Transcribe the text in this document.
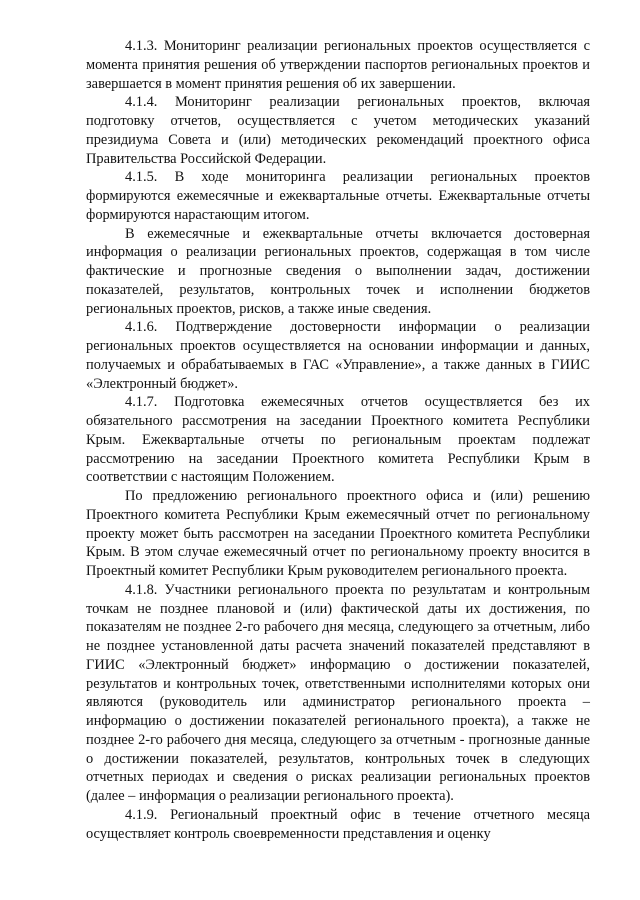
4.1.3. Мониторинг реализации региональных проектов осуществляется с момента принятия решения об утверждении паспортов региональных проектов и завершается в момент принятия решения об их завершении.

4.1.4. Мониторинг реализации региональных проектов, включая подготовку отчетов, осуществляется с учетом методических указаний президиума Совета и (или) методических рекомендаций проектного офиса Правительства Российской Федерации.

4.1.5. В ходе мониторинга реализации региональных проектов формируются ежемесячные и ежеквартальные отчеты. Ежеквартальные отчеты формируются нарастающим итогом.

В ежемесячные и ежеквартальные отчеты включается достоверная информация о реализации региональных проектов, содержащая в том числе фактические и прогнозные сведения о выполнении задач, достижении показателей, результатов, контрольных точек и исполнении бюджетов региональных проектов, рисков, а также иные сведения.

4.1.6. Подтверждение достоверности информации о реализации региональных проектов осуществляется на основании информации и данных, получаемых и обрабатываемых в ГАС «Управление», а также данных в ГИИС «Электронный бюджет».

4.1.7. Подготовка ежемесячных отчетов осуществляется без их обязательного рассмотрения на заседании Проектного комитета Республики Крым. Ежеквартальные отчеты по региональным проектам подлежат рассмотрению на заседании Проектного комитета Республики Крым в соответствии с настоящим Положением.

По предложению регионального проектного офиса и (или) решению Проектного комитета Республики Крым ежемесячный отчет по региональному проекту может быть рассмотрен на заседании Проектного комитета Республики Крым. В этом случае ежемесячный отчет по региональному проекту вносится в Проектный комитет Республики Крым руководителем регионального проекта.

4.1.8. Участники регионального проекта по результатам и контрольным точкам не позднее плановой и (или) фактической даты их достижения, по показателям не позднее 2-го рабочего дня месяца, следующего за отчетным, либо не позднее установленной даты расчета значений показателей представляют в ГИИС «Электронный бюджет» информацию о достижении показателей, результатов и контрольных точек, ответственными исполнителями которых они являются (руководитель или администратор регионального проекта – информацию о достижении показателей регионального проекта), а также не позднее 2-го рабочего дня месяца, следующего за отчетным - прогнозные данные о достижении показателей, результатов, контрольных точек в следующих отчетных периодах и сведения о рисках реализации региональных проектов (далее – информация о реализации регионального проекта).

4.1.9. Региональный проектный офис в течение отчетного месяца осуществляет контроль своевременности представления и оценку
